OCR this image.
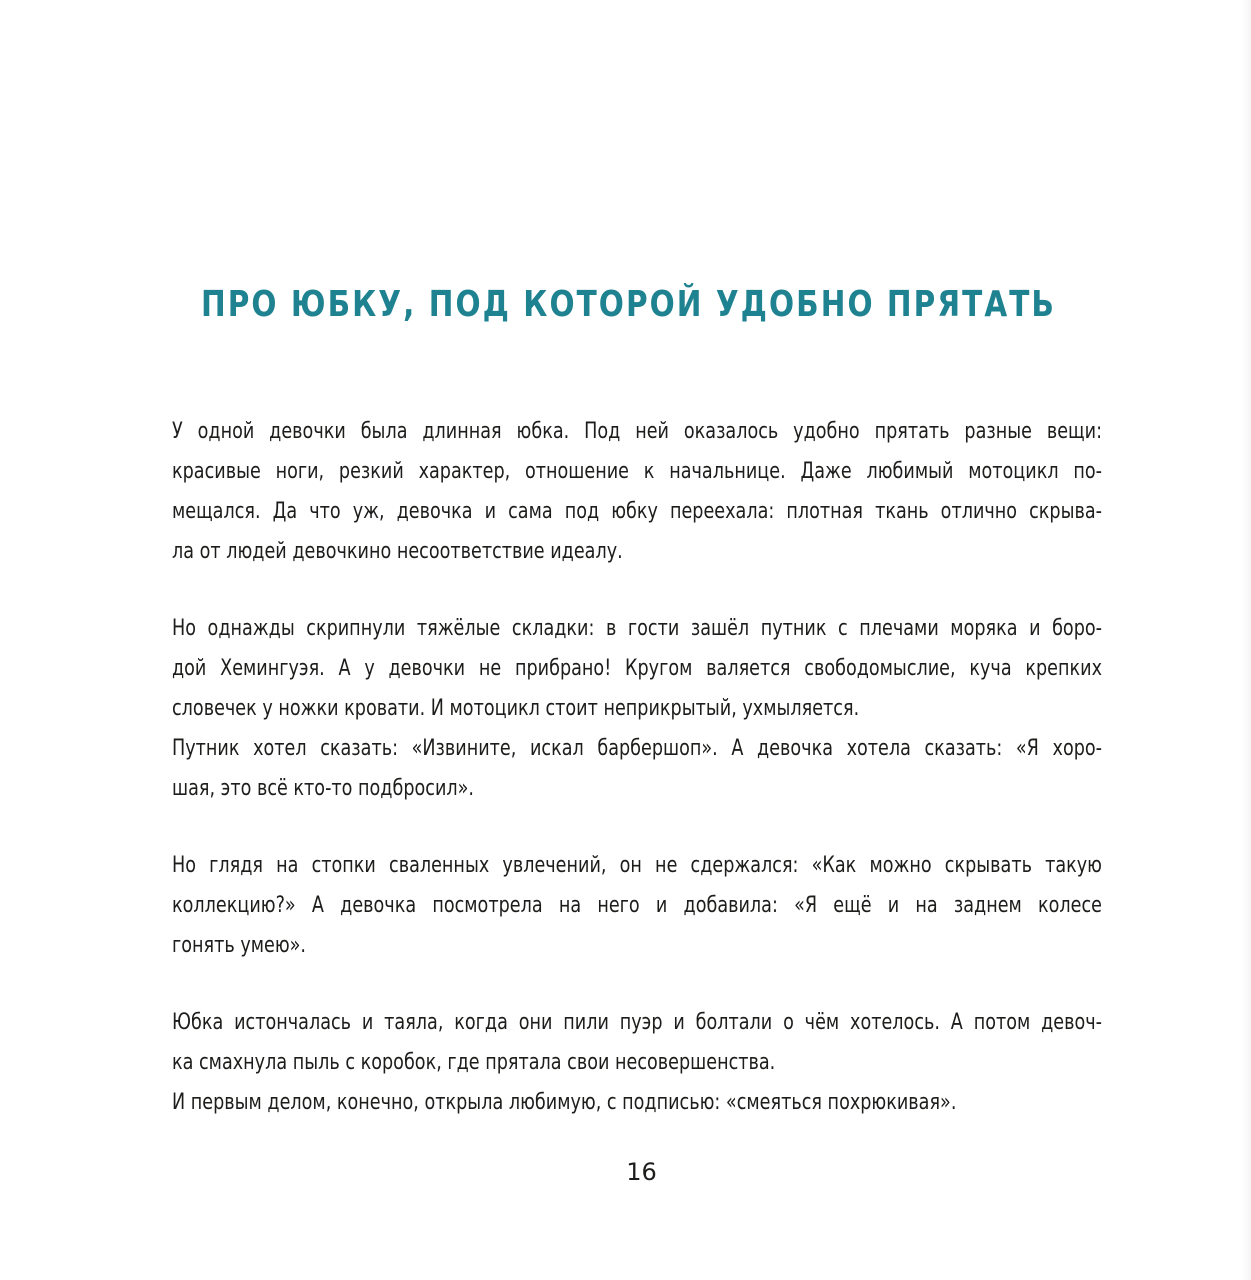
ПРО ЮБКУ, ПОД КОТОРОЙ УДОБНО ПРЯТАТЬ
У одной девочки была длинная юбка. Под ней оказалось удобно прятать разные вещи:
красивые ноги, резкий характер, отношение к начальнице. Даже любимый мотоцикл по-
мещался. Да что уж, девочка и сама под юбку переехала: плотная ткань отлично скрыва-
ла от людей девочкино несоответствие идеалу.
Но однажды скрипнули тяжёлые складки: в гости зашёл путник с плечами моряка и боро-
дой Хемингуэя. А у девочки не прибрано! Кругом валяется свободомыслие, куча крепких
словечек у ножки кровати. И мотоцикл стоит неприкрытый, ухмыляется.
Путник хотел сказать: «Извините, искал барбершоп». А девочка хотела сказать: «Я хоро-
шая, это всё кто-то подбросил».
Но глядя на стопки сваленных увлечений, он не сдержался: «Как можно скрывать такую
коллекцию?» А девочка посмотрела на него и добавила: «Я ещё и на заднем колесе
гонять умею».
Юбка истончалась и таяла, когда они пили пуэр и болтали о чём хотелось. А потом девоч-
ка смахнула пыль с коробок, где прятала свои несовершенства.
И первым делом, конечно, открыла любимую, с подписью: «смеяться похрюкивая».
16
